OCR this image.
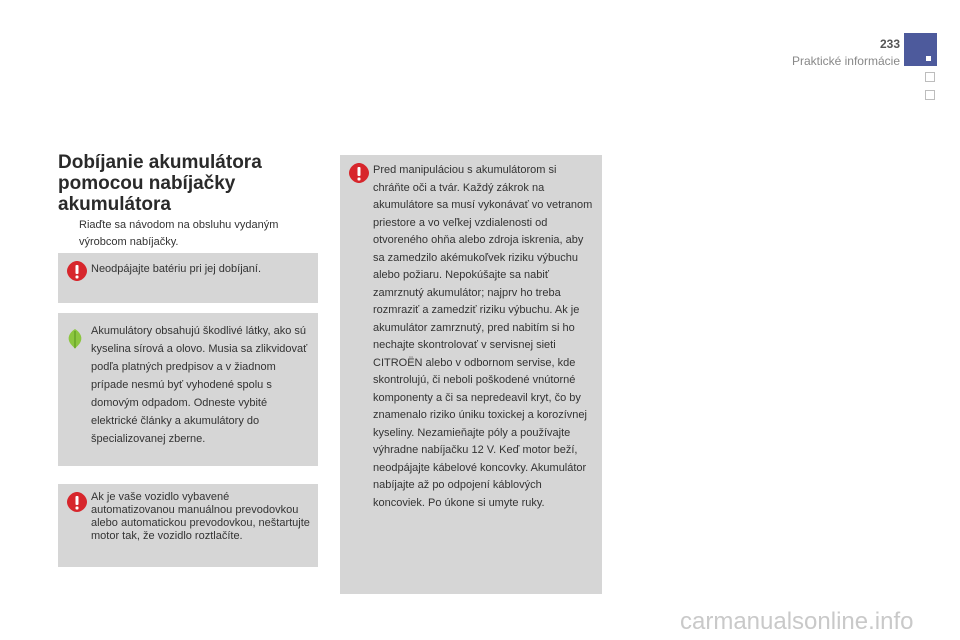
233
Praktické informácie
Dobíjanie akumulátora
pomocou nabíjačky
akumulátora
Riaďte sa návodom na obsluhu vydaným výrobcom nabíjačky.
Neodpájajte batériu pri jej dobíjaní.
Akumulátory obsahujú škodlivé látky, ako sú kyselina sírová a olovo. Musia sa zlikvidovať podľa platných predpisov a v žiadnom prípade nesmú byť vyhodené spolu s domovým odpadom. Odneste vybité elektrické články a akumulátory do špecializovanej zberne.
Ak je vaše vozidlo vybavené automatizovanou manuálnou prevodovkou alebo automatickou prevodovkou, neštartujte motor tak, že vozidlo roztlačíte.
Pred manipuláciou s akumulátorom si chráňte oči a tvár. Každý zákrok na akumulátore sa musí vykonávať vo vetranom priestore a vo veľkej vzdialenosti od otvoreného ohňa alebo zdroja iskrenia, aby sa zamedzilo akémukoľvek riziku výbuchu alebo požiaru. Nepokúšajte sa nabiť zamrznutý akumulátor; najprv ho treba rozmraziť a zamedziť riziku výbuchu. Ak je akumulátor zamrznutý, pred nabitím si ho nechajte skontrolovať v servisnej sieti CITROËN alebo v odbornom servise, kde skontrolujú, či neboli poškodené vnútorné komponenty a či sa nepredeavil kryt, čo by znamenalo riziko úniku toxickej a korozívnej kyseliny. Nezamieňajte póly a používajte výhradne nabíjačku 12 V. Keď motor beží, neodpájajte kábelové koncovky. Akumulátor nabíjajte až po odpojení káblových koncoviek. Po úkone si umyte ruky.
carmanualsonline.info
